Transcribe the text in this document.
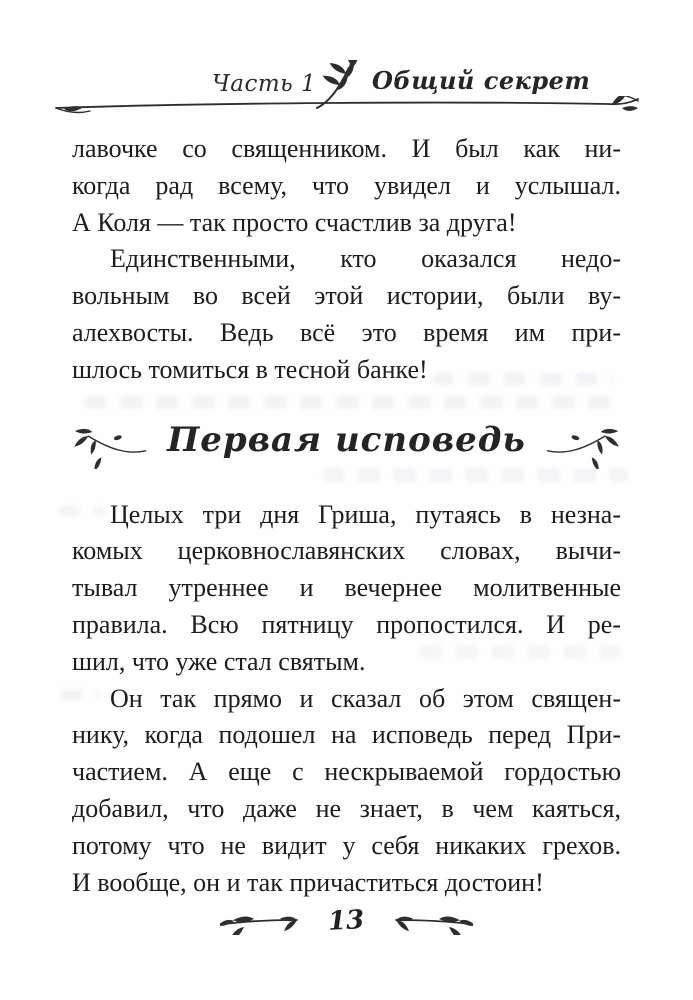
Часть 1 Общий секрет

лавочке со священником. И был как ни-
когда рад всему, что увидел и услышал.
А Коля — так просто счастлив за друга!

Единственными, кто оказался недо-
вольным во всей этой истории, были ву-
алехвосты. Ведь всё это время им при-
шлось томиться в тесной банке!

Первая исповедь

Целых три дня Гриша, путаясь в незна-
комых церковнославянских словах, вычи-
тывал утреннее и вечернее молитвенные
правила. Всю пятницу пропостился. И ре-
шил, что уже стал святым.

Он так прямо и сказал об этом священ-
нику, когда подошел на исповедь перед При-
частием. А еще с нескрываемой гордостью
добавил, что даже не знает, в чем каяться,
потому что не видит у себя никаких грехов.
И вообще, он и так причаститься достоин!

13
